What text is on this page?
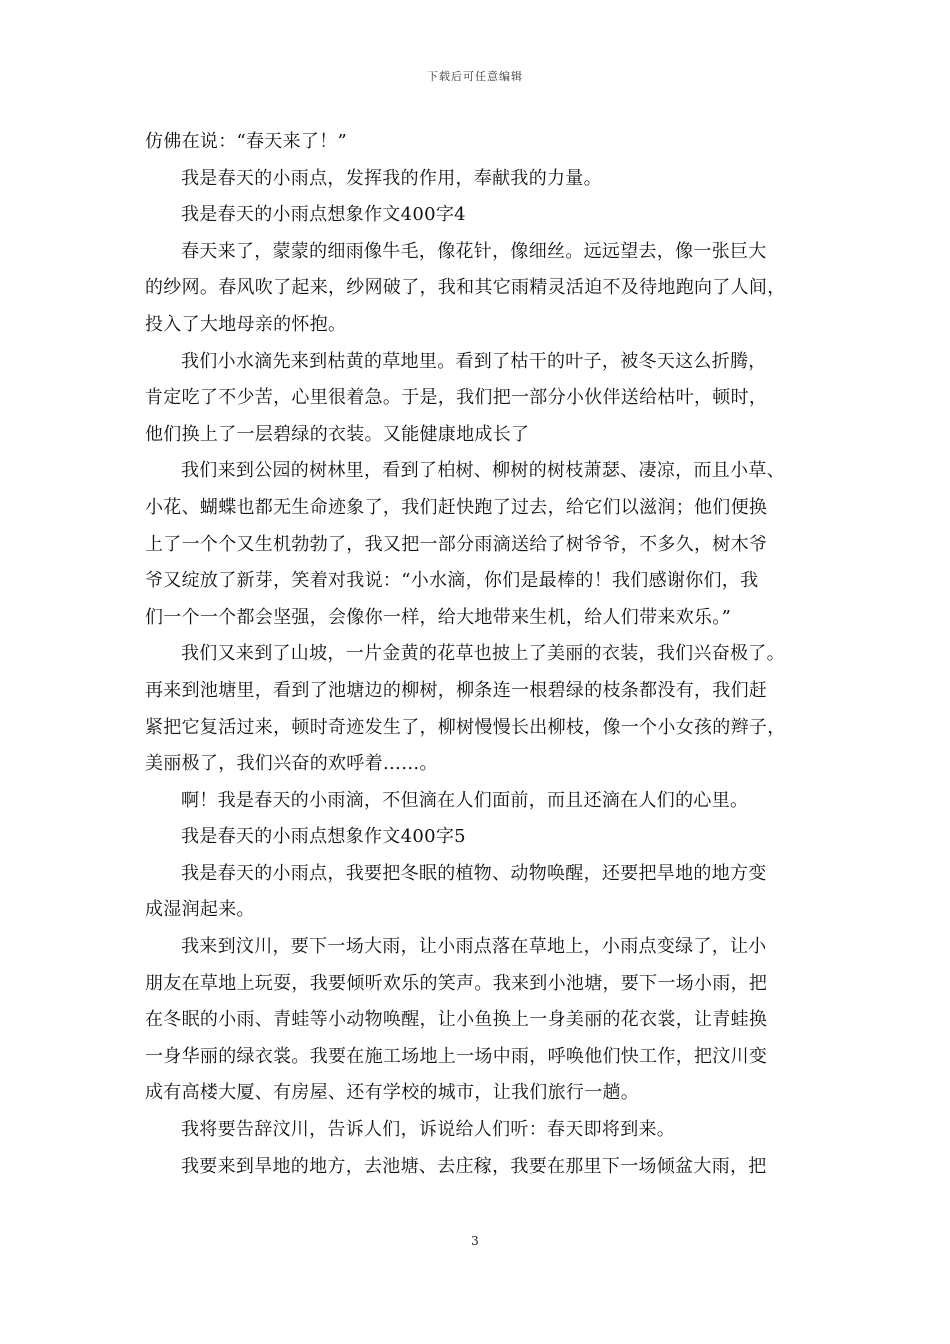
下载后可任意编辑
仿佛在说：“春天来了！”
我是春天的小雨点，发挥我的作用，奉献我的力量。
我是春天的小雨点想象作文400字4
春天来了，蒙蒙的细雨像牛毛，像花针，像细丝。远远望去，像一张巨大
的纱网。春风吹了起来，纱网破了，我和其它雨精灵活迫不及待地跑向了人间，
投入了大地母亲的怀抱。
我们小水滴先来到枯黄的草地里。看到了枯干的叶子，被冬天这么折腾，
肯定吃了不少苦，心里很着急。于是，我们把一部分小伙伴送给枯叶，顿时，
他们换上了一层碧绿的衣装。又能健康地成长了
我们来到公园的树林里，看到了柏树、柳树的树枝萧瑟、凄凉，而且小草、
小花、蝴蝶也都无生命迹象了，我们赶快跑了过去，给它们以滋润；他们便换
上了一个个又生机勃勃了，我又把一部分雨滴送给了树爷爷，不多久，树木爷
爷又绽放了新芽，笑着对我说：“小水滴，你们是最棒的！我们感谢你们，我
们一个一个都会坚强，会像你一样，给大地带来生机，给人们带来欢乐。”
我们又来到了山坡，一片金黄的花草也披上了美丽的衣装，我们兴奋极了。
再来到池塘里，看到了池塘边的柳树，柳条连一根碧绿的枝条都没有，我们赶
紧把它复活过来，顿时奇迹发生了，柳树慢慢长出柳枝，像一个小女孩的辫子，
美丽极了，我们兴奋的欢呼着……。
啊！我是春天的小雨滴，不但滴在人们面前，而且还滴在人们的心里。
我是春天的小雨点想象作文400字5
我是春天的小雨点，我要把冬眠的植物、动物唤醒，还要把旱地的地方变
成湿润起来。
我来到汶川，要下一场大雨，让小雨点落在草地上，小雨点变绿了，让小
朋友在草地上玩耍，我要倾听欢乐的笑声。我来到小池塘，要下一场小雨，把
在冬眠的小雨、青蛙等小动物唤醒，让小鱼换上一身美丽的花衣裳，让青蛙换
一身华丽的绿衣裳。我要在施工场地上一场中雨，呼唤他们快工作，把汶川变
成有高楼大厦、有房屋、还有学校的城市，让我们旅行一趟。
我将要告辞汶川，告诉人们，诉说给人们听：春天即将到来。
我要来到旱地的地方，去池塘、去庄稼，我要在那里下一场倾盆大雨，把
3
